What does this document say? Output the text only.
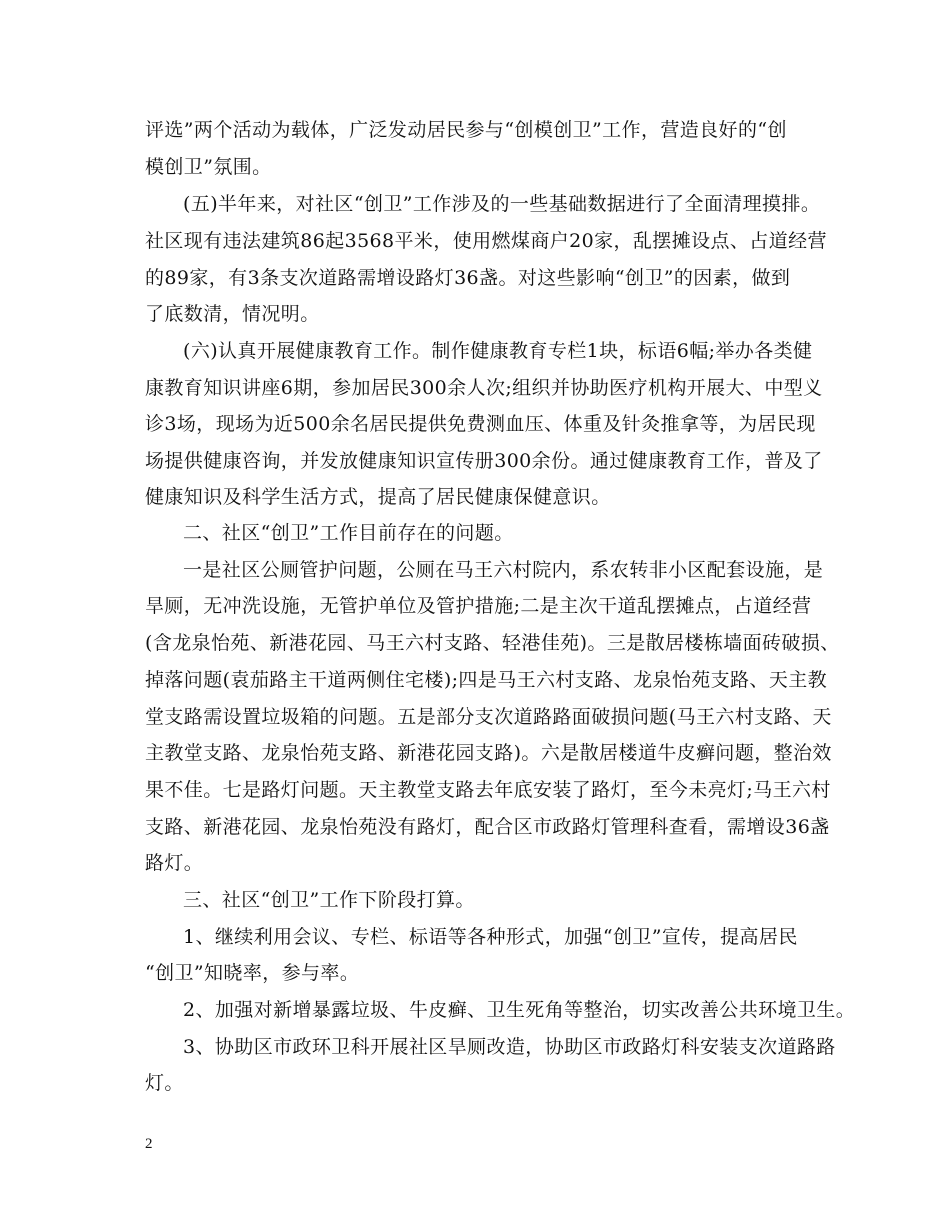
评选”两个活动为载体，广泛发动居民参与“创模创卫”工作，营造良好的“创
模创卫”氛围。
(五)半年来，对社区“创卫”工作涉及的一些基础数据进行了全面清理摸排。
社区现有违法建筑86起3568平米，使用燃煤商户20家，乱摆摊设点、占道经营
的89家，有3条支次道路需增设路灯36盏。对这些影响“创卫”的因素，做到
了底数清，情况明。
(六)认真开展健康教育工作。制作健康教育专栏1块，标语6幅;举办各类健
康教育知识讲座6期，参加居民300余人次;组织并协助医疗机构开展大、中型义
诊3场，现场为近500余名居民提供免费测血压、体重及针灸推拿等，为居民现
场提供健康咨询，并发放健康知识宣传册300余份。通过健康教育工作，普及了
健康知识及科学生活方式，提高了居民健康保健意识。
二、社区“创卫”工作目前存在的问题。
一是社区公厕管护问题，公厕在马王六村院内，系农转非小区配套设施，是
旱厕，无冲洗设施，无管护单位及管护措施;二是主次干道乱摆摊点，占道经营
(含龙泉怡苑、新港花园、马王六村支路、轻港佳苑)。三是散居楼栋墙面砖破损、
掉落问题(袁茄路主干道两侧住宅楼);四是马王六村支路、龙泉怡苑支路、天主教
堂支路需设置垃圾箱的问题。五是部分支次道路路面破损问题(马王六村支路、天
主教堂支路、龙泉怡苑支路、新港花园支路)。六是散居楼道牛皮癣问题，整治效
果不佳。七是路灯问题。天主教堂支路去年底安装了路灯，至今未亮灯;马王六村
支路、新港花园、龙泉怡苑没有路灯，配合区市政路灯管理科查看，需增设36盏
路灯。
三、社区“创卫”工作下阶段打算。
1、继续利用会议、专栏、标语等各种形式，加强“创卫”宣传，提高居民
“创卫”知晓率，参与率。
2、加强对新增暴露垃圾、牛皮癣、卫生死角等整治，切实改善公共环境卫生。
3、协助区市政环卫科开展社区旱厕改造，协助区市政路灯科安装支次道路路
灯。
2
